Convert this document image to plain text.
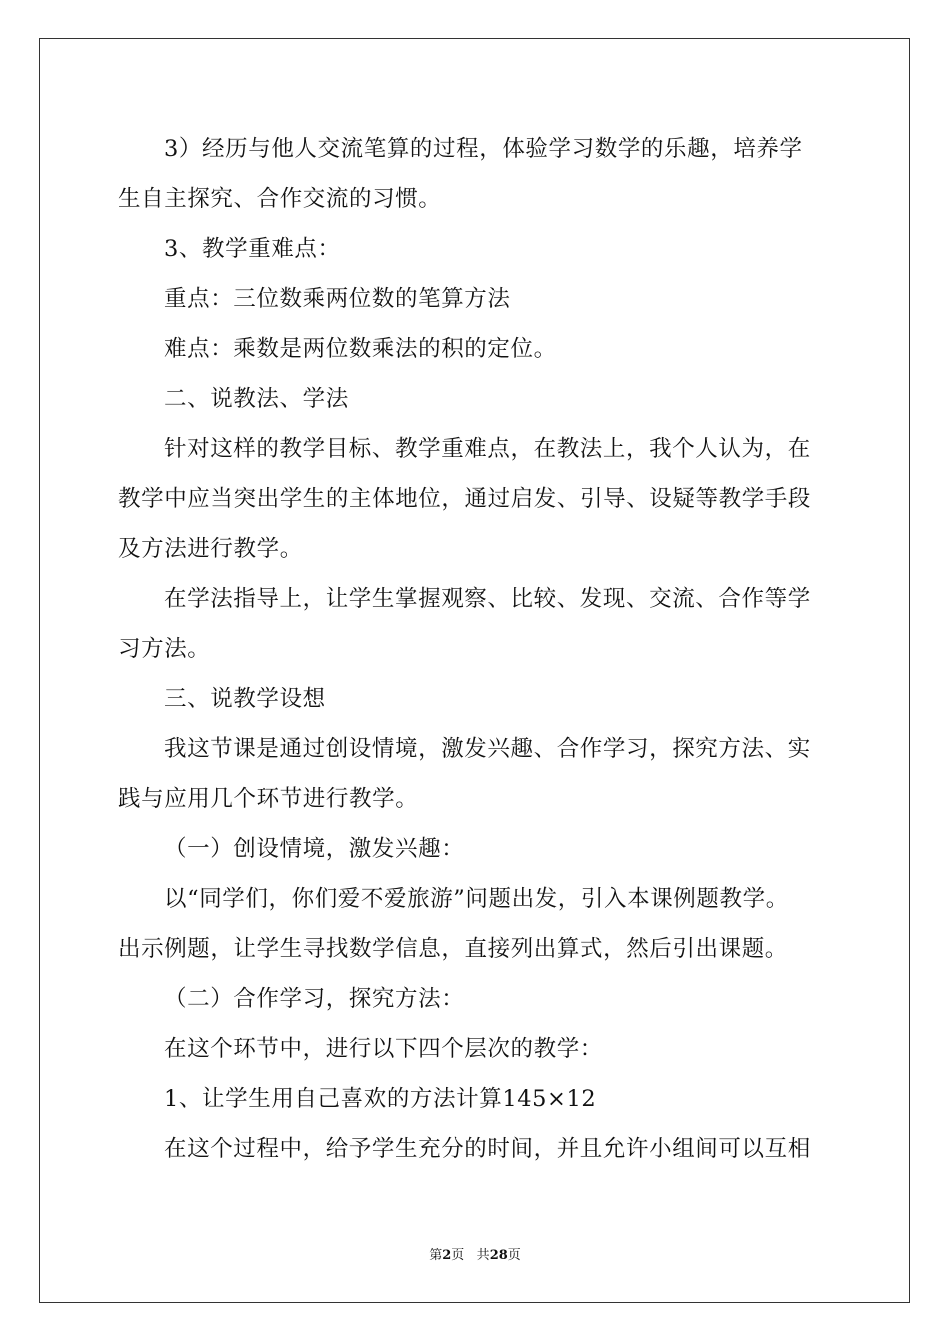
3）经历与他人交流笔算的过程，体验学习数学的乐趣，培养学
生自主探究、合作交流的习惯。
3、教学重难点：
重点：三位数乘两位数的笔算方法
难点：乘数是两位数乘法的积的定位。
二、说教法、学法
针对这样的教学目标、教学重难点，在教法上，我个人认为，在
教学中应当突出学生的主体地位，通过启发、引导、设疑等教学手段
及方法进行教学。
在学法指导上，让学生掌握观察、比较、发现、交流、合作等学
习方法。
三、说教学设想
我这节课是通过创设情境，激发兴趣、合作学习，探究方法、实
践与应用几个环节进行教学。
（一）创设情境，激发兴趣：
以“同学们，你们爱不爱旅游”问题出发，引入本课例题教学。
出示例题，让学生寻找数学信息，直接列出算式，然后引出课题。
（二）合作学习，探究方法：
在这个环节中，进行以下四个层次的教学：
1、让学生用自己喜欢的方法计算145×12
在这个过程中，给予学生充分的时间，并且允许小组间可以互相
第2页 共28页
